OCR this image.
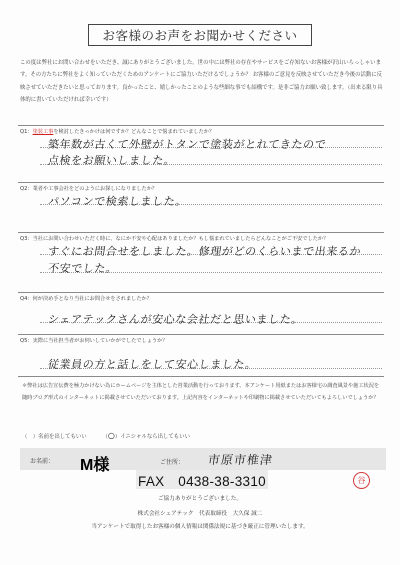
お客様のお声をお聞かせください
この度は弊社にお問い合わせをいただき、誠にありがとうございました。世の中には弊社の存在やサービスをご存知ないお客様が沢山いらっしゃいます。その方たちに弊社をよく知っていただくためのアンケートにご協力いただけるでしょうか？ お客様のご意見を反映させていただき今後の活動に反映させていただきたいと思っております。良かったこと、嬉しかったことのような些細な事でも結構です。是非ご協力お願い致します。（出来る限り具体的に書いていただければ幸いです）
Q1：塗装工事を検討したきっかけは何ですか？どんなことで悩まれていましたか？
築年数が古くて外壁がトタンで塗装がとれてきたので
点検をお願いしました。
Q2：業者や工事会社をどのようにお探しになりましたか？
パソコンで検索しました。
Q3：当社にお問い合わせいただく時に、なにか不安や心配はありましたか？もし悩まれていましたらどんなことがご不安でしたか？
すぐにお問合せをしました。修理がどのくらいまで出来るか
不安でした。
Q4：何が決め手となり当社にお問合せをされましたか？
シェアテックさんが安心な会社だと思いました。
Q5：実際に当社担当者がお伺いしていかがでしたでしょうか？
従業員の方と話しをして安心しました。
＊弊社は広告宣伝費を極力かけない為にホームページを主体とした営業活動を行っております。本アンケート用紙またはお客様宅の調査風景や施工状況を随時ブログ形式のインターネットに掲載させていただいております。上記内容をインターネットや印刷物に掲載させていただいてもよろしいでしょうか？
（　）名前を出してもいい	（○）イニシャルなら出してもいい
お名前： M様	ご住所： 市原市椎津
FAX　0438-38-3310	谷
ご協力ありがとうございました。
株式会社シェアテック　代表取締役　大久保 誠二
当アンケートで取得したお客様の個人情報は関係法規に基づき厳正に管理いたします。
